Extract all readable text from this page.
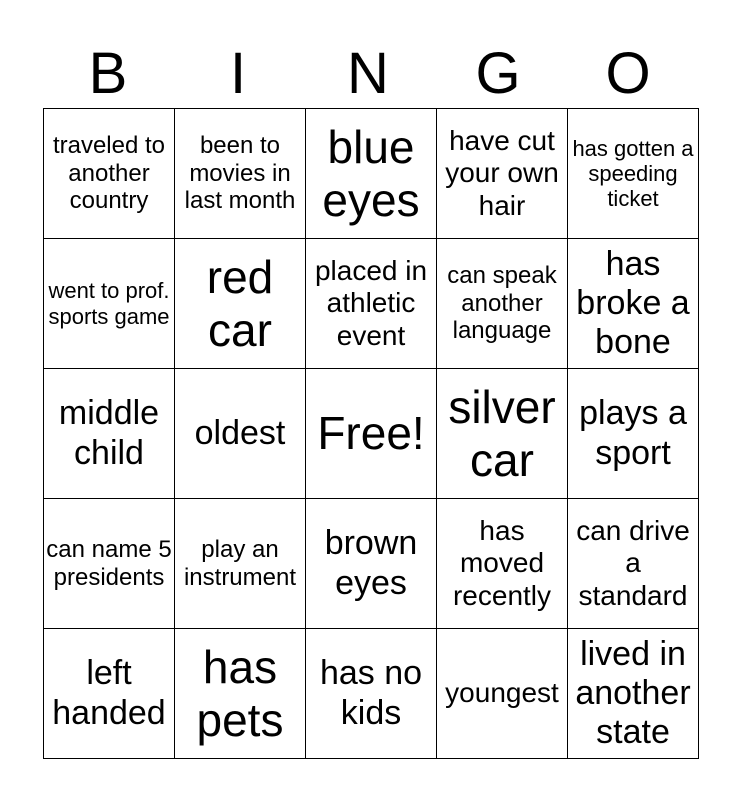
B	I	N	G	O
traveled to another country	been to movies in last month	blue eyes	have cut your own hair	has gotten a speeding ticket
went to prof. sports game	red car	placed in athletic event	can speak another language	has broke a bone
middle child	oldest	Free!	silver car	plays a sport
can name 5 presidents	play an instrument	brown eyes	has moved recently	can drive a standard
left handed	has pets	has no kids	youngest	lived in another state
